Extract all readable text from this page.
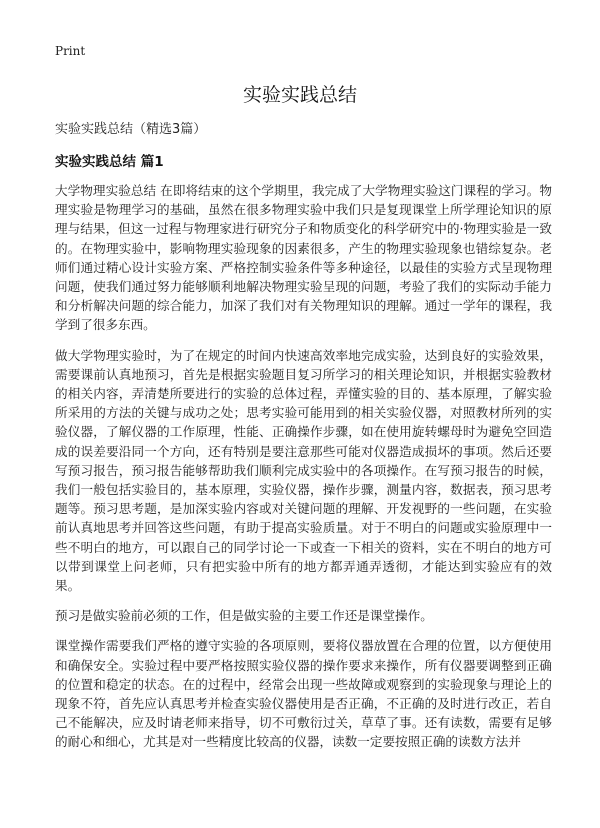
Print
实验实践总结

实验实践总结（精选3篇）

实验实践总结 篇1

大学物理实验总结 在即将结束的这个学期里，我完成了大学物理实验这门课程的学习。物理实验是物理学习的基础，虽然在很多物理实验中我们只是复现课堂上所学理论知识的原理与结果，但这一过程与物理家进行研究分子和物质变化的科学研究中的·物理实验是一致的。在物理实验中，影响物理实验现象的因素很多，产生的物理实验现象也错综复杂。老师们通过精心设计实验方案、严格控制实验条件等多种途径，以最佳的实验方式呈现物理问题，使我们通过努力能够顺利地解决物理实验呈现的问题，考验了我们的实际动手能力和分析解决问题的综合能力，加深了我们对有关物理知识的理解。通过一学年的课程，我学到了很多东西。

做大学物理实验时，为了在规定的时间内快速高效率地完成实验，达到良好的实验效果，需要课前认真地预习，首先是根据实验题目复习所学习的相关理论知识，并根据实验教材的相关内容，弄清楚所要进行的实验的总体过程，弄懂实验的目的、基本原理，了解实验所采用的方法的关键与成功之处；思考实验可能用到的相关实验仪器，对照教材所列的实验仪器，了解仪器的工作原理，性能、正确操作步骤，如在使用旋转螺母时为避免空回造成的误差要沿同一个方向，还有特别是要注意那些可能对仪器造成损坏的事项。然后还要写预习报告，预习报告能够帮助我们顺利完成实验中的各项操作。在写预习报告的时候，我们一般包括实验目的，基本原理，实验仪器，操作步骤，测量内容，数据表，预习思考题等。预习思考题，是加深实验内容或对关键问题的理解、开发视野的一些问题，在实验前认真地思考并回答这些问题，有助于提高实验质量。对于不明白的问题或实验原理中一些不明白的地方，可以跟自己的同学讨论一下或查一下相关的资料，实在不明白的地方可以带到课堂上问老师，只有把实验中所有的地方都弄通弄透彻，才能达到实验应有的效果。

预习是做实验前必须的工作，但是做实验的主要工作还是课堂操作。

课堂操作需要我们严格的遵守实验的各项原则，要将仪器放置在合理的位置，以方便使用和确保安全。实验过程中要严格按照实验仪器的操作要求来操作，所有仪器要调整到正确的位置和稳定的状态。在的过程中，经常会出现一些故障或观察到的实验现象与理论上的现象不符，首先应认真思考并检查实验仪器使用是否正确，不正确的及时进行改正，若自己不能解决，应及时请老师来指导，切不可敷衍过关，草草了事。还有读数，需要有足够的耐心和细心，尤其是对一些精度比较高的仪器，读数一定要按照正确的读数方法并
